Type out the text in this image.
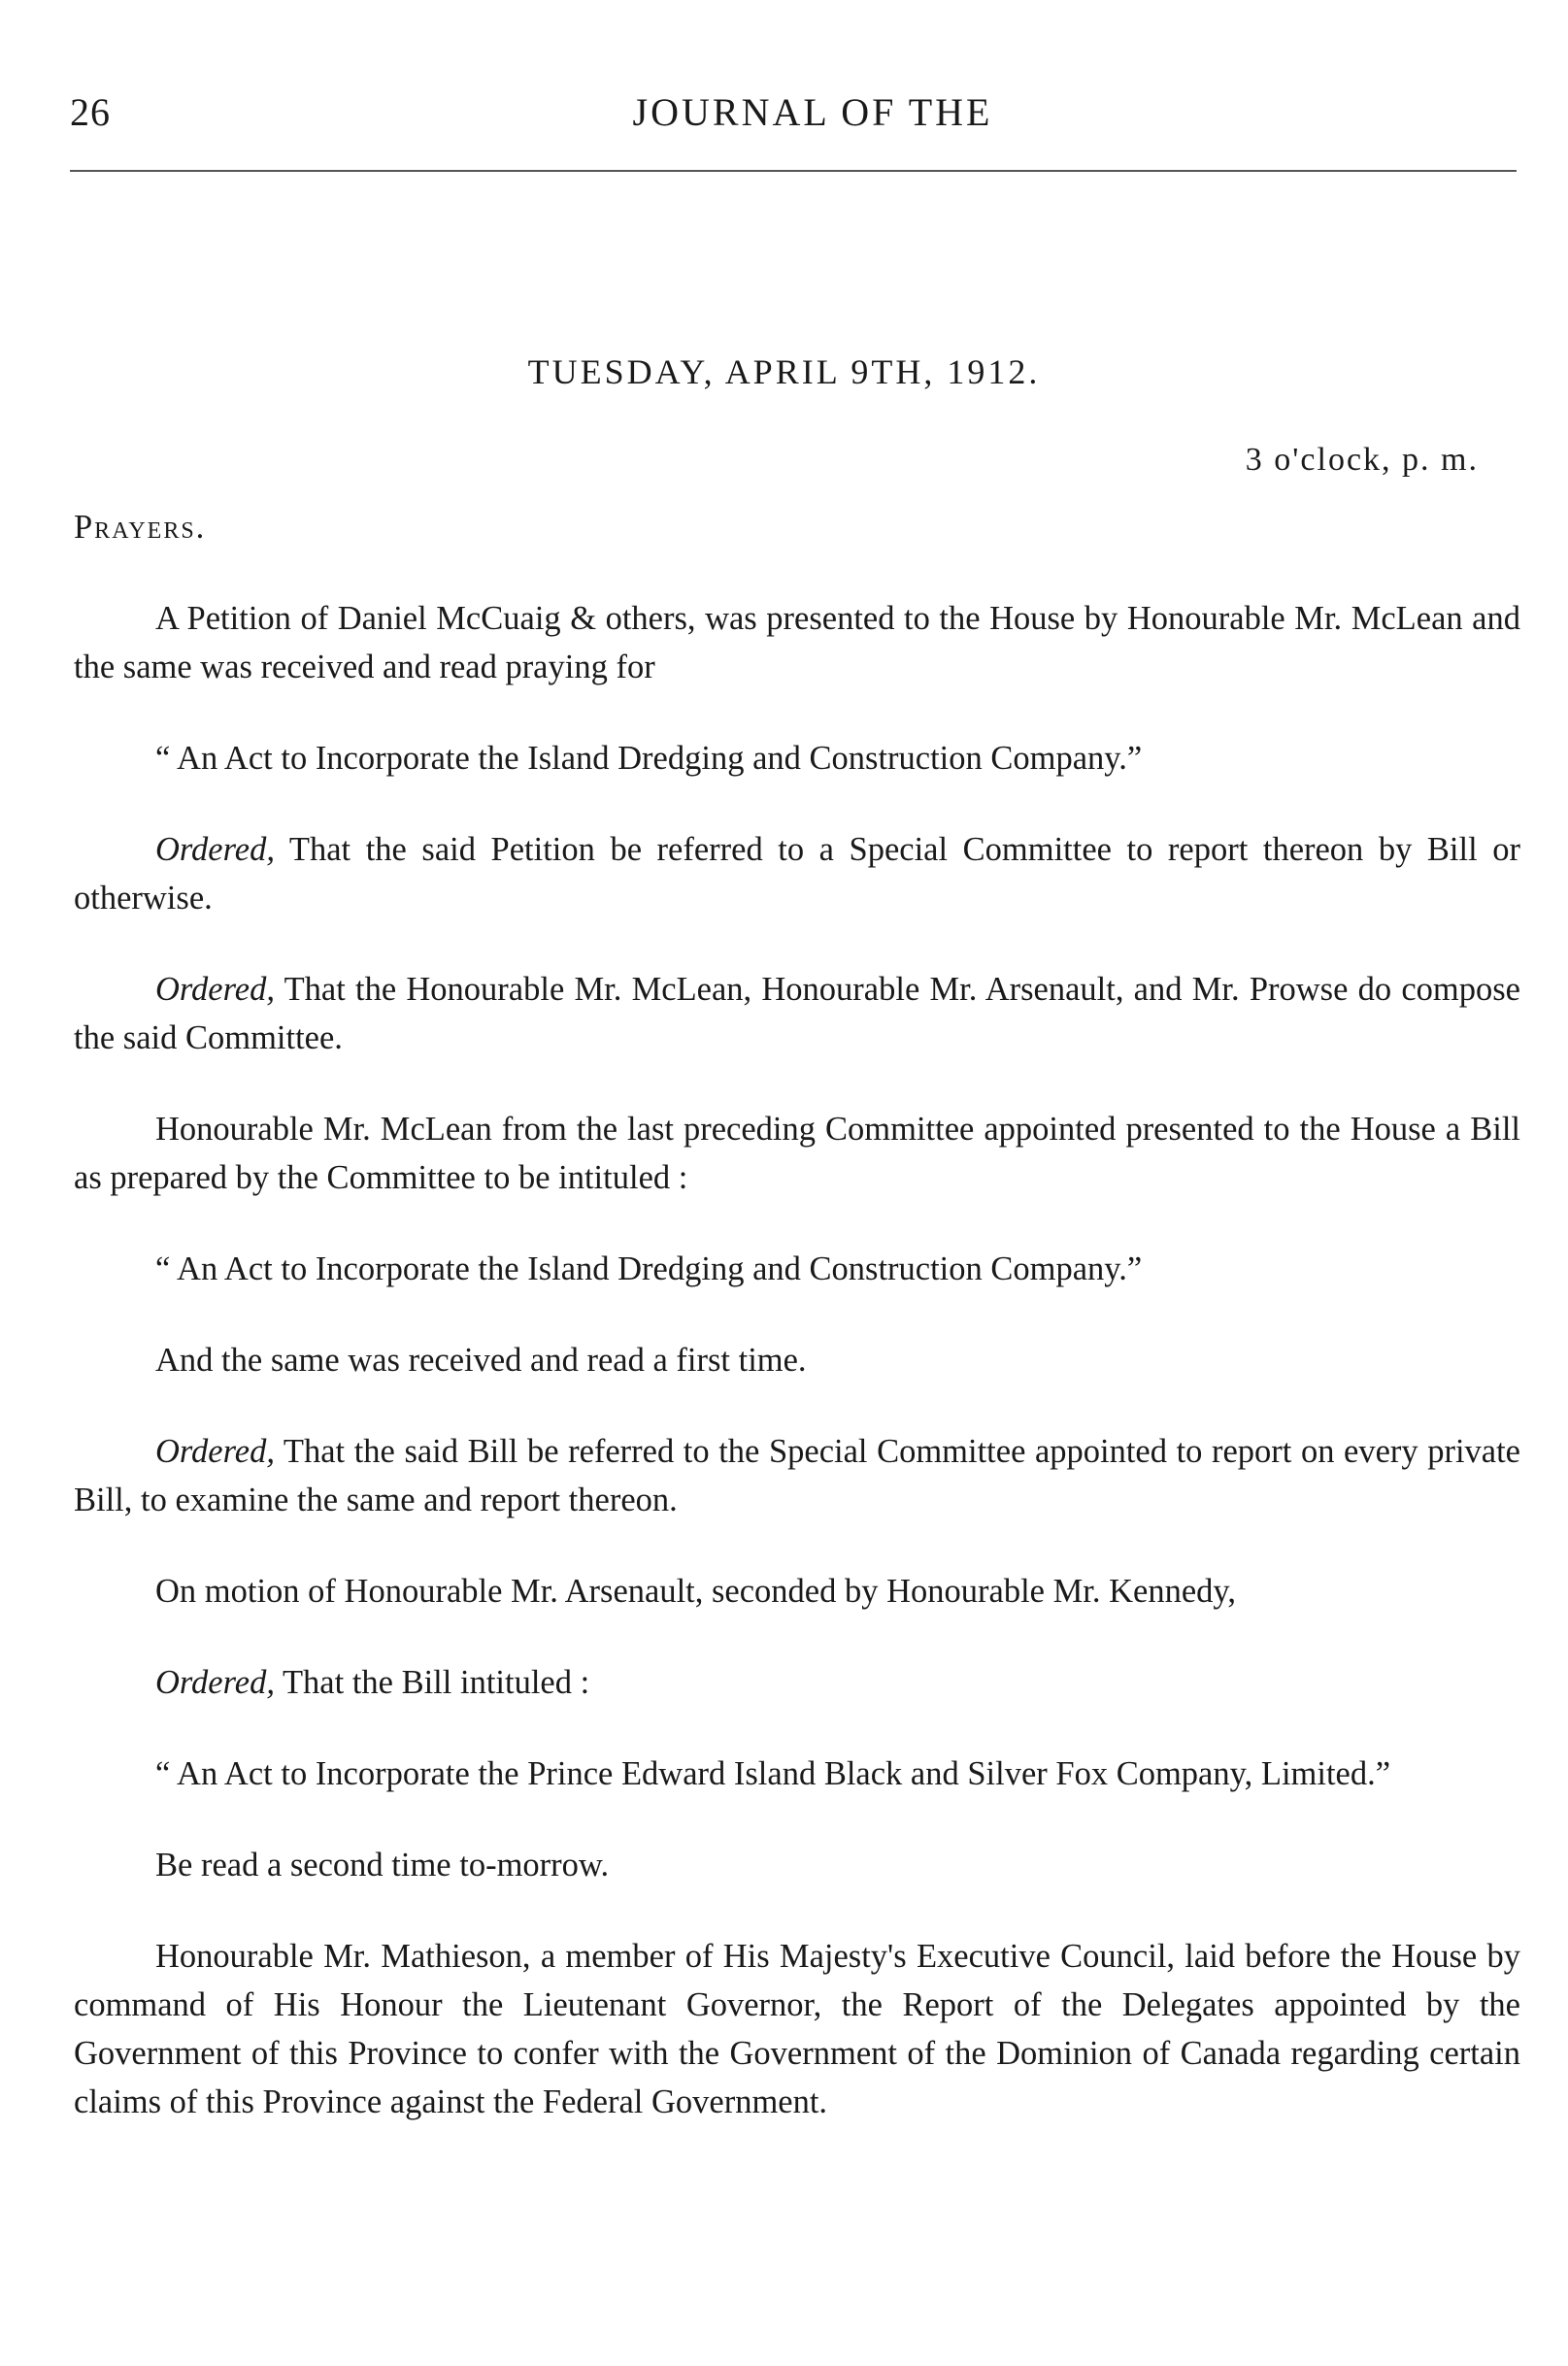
26	JOURNAL OF THE
TUESDAY, APRIL 9TH, 1912.
3 o'clock, p. m.

Prayers.

A Petition of Daniel McCuaig & others, was presented to the House by Honourable Mr. McLean and the same was received and read praying for

“ An Act to Incorporate the Island Dredging and Construction Company.”

Ordered, That the said Petition be referred to a Special Committee to report thereon by Bill or otherwise.

Ordered, That the Honourable Mr. McLean, Honourable Mr. Arsenault, and Mr. Prowse do compose the said Committee.

Honourable Mr. McLean from the last preceding Committee appointed presented to the House a Bill as prepared by the Committee to be intituled :

“ An Act to Incorporate the Island Dredging and Construction Company.”

And the same was received and read a first time.

Ordered, That the said Bill be referred to the Special Committee appointed to report on every private Bill, to examine the same and report thereon.

On motion of Honourable Mr. Arsenault, seconded by Honourable Mr. Kennedy,

Ordered, That the Bill intituled :

“ An Act to Incorporate the Prince Edward Island Black and Silver Fox Company, Limited.”

Be read a second time to-morrow.

Honourable Mr. Mathieson, a member of His Majesty's Executive Council, laid before the House by command of His Honour the Lieutenant Governor, the Report of the Delegates appointed by the Government of this Province to confer with the Government of the Dominion of Canada regarding certain claims of this Province against the Federal Government.
